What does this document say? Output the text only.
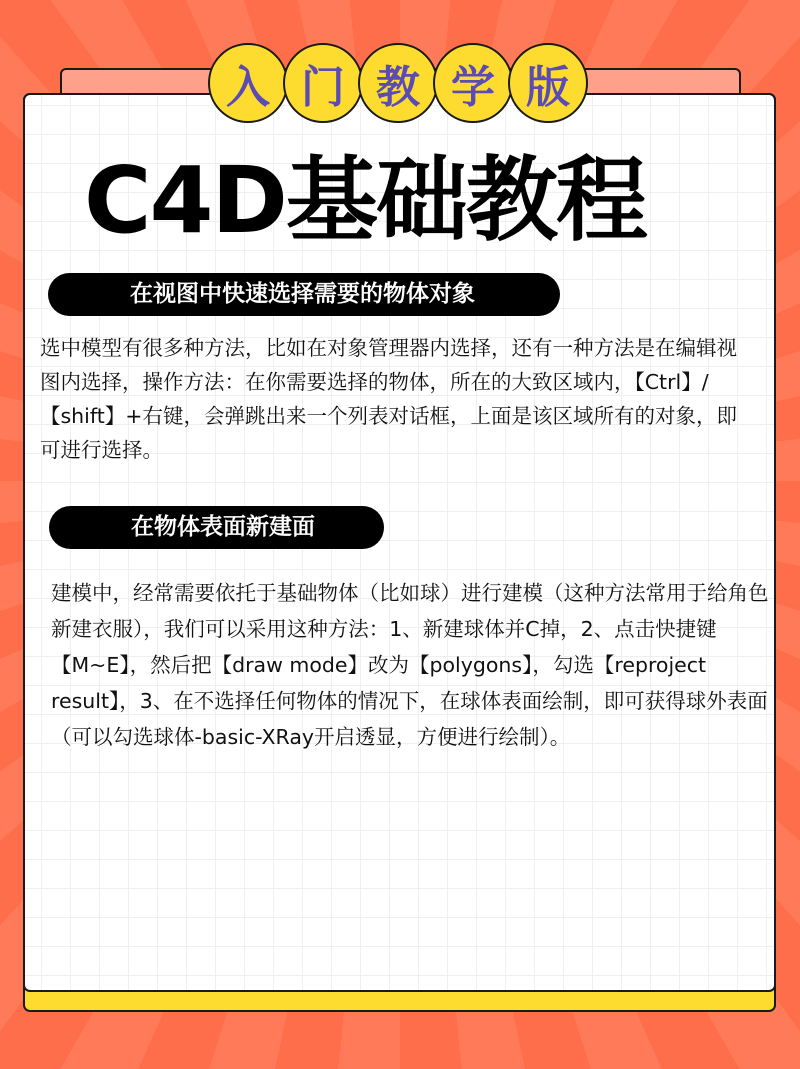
入 门 教 学 版
C4D基础教程
在视图中快速选择需要的物体对象
选中模型有很多种方法，比如在对象管理器内选择，还有一种方法是在编辑视图内选择，操作方法：在你需要选择的物体，所在的大致区域内，【Ctrl】/【shift】+右键，会弹跳出来一个列表对话框，上面是该区域所有的对象，即可进行选择。
在物体表面新建面
建模中，经常需要依托于基础物体（比如球）进行建模（这种方法常用于给角色新建衣服），我们可以采用这种方法：1、新建球体并C掉，2、点击快捷键【M~E】，然后把【draw mode】改为【polygons】，勾选【reproject result】，3、在不选择任何物体的情况下，在球体表面绘制，即可获得球外表面（可以勾选球体-basic-XRay开启透显，方便进行绘制）。
